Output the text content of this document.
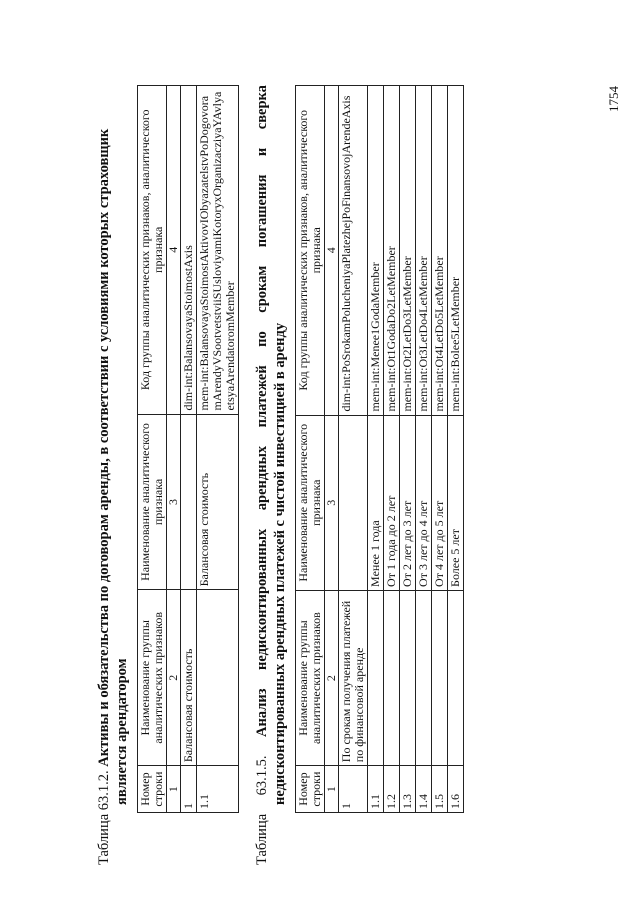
1754

Таблица 63.1.2. Активы и обязательства по договорам аренды, в соответствии с условиями которых страховщик является арендатором Номер строки	Наименование группы аналитических признаков	Наименование аналитического признака	Код группы аналитических признаков, аналитического признака
1	2	3	4
1	Балансовая стоимость		dim-int:BalansovayaStoimostAxis
1.1		Балансовая стоимость	mem-int:BalansovayaStoimostAktivovIObyazatelstvPoDogovoramArendyVSootvetstviiSUsloviyamiKotoryxOrganizacziyaYAvlyaetsyaArendatoromMember

Таблица
63.1.5.
Анализ
недисконтированных
арендных
платежей
по
срокам
погашения
и
сверка

недисконтированных арендных платежей с чистой инвестицией в аренду Номер строки	Наименование группы аналитических признаков	Наименование аналитического признака	Код группы аналитических признаков, аналитического признака
1	2	3	4
1	По срокам получения платежей по финансовой аренде		dim-int:PoSrokamPolucheniyaPlatezhejPoFinansovojArendeAxis
1.1		Менее 1 года	mem-int:Menee1GodaMember
1.2		От 1 года до 2 лет	mem-int:Ot1GodaDo2LetMember
1.3		От 2 лет до 3 лет	mem-int:Ot2LetDo3LetMember
1.4		От 3 лет до 4 лет	mem-int:Ot3LetDo4LetMember
1.5		От 4 лет до 5 лет	mem-int:Ot4LetDo5LetMember
1.6		Более 5 лет	mem-int:Bolee5LetMember
